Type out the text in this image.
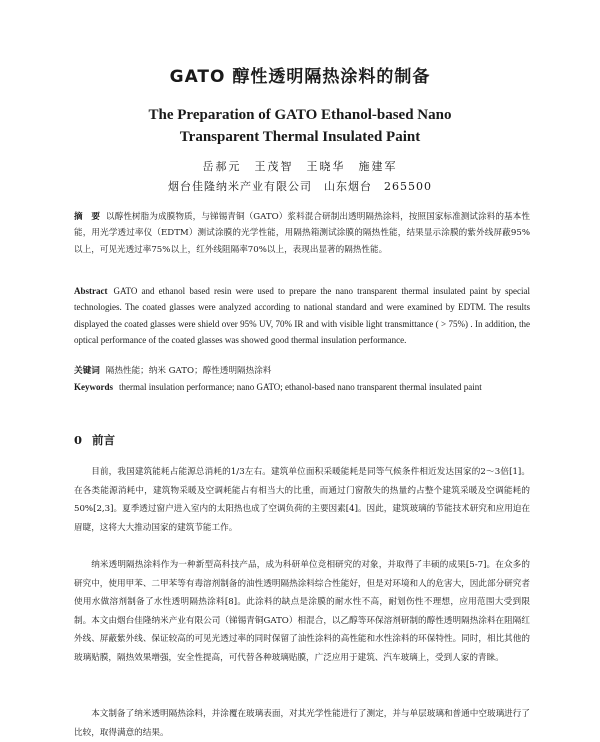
GATO 醇性透明隔热涂料的制备
The Preparation of GATO Ethanol-based Nano
Transparent Thermal Insulated Paint
岳郝元　王茂智　王晓华　施建军
烟台佳隆纳米产业有限公司　山东烟台　265500
摘　要 以醇性树脂为成膜物质，与锑锡青铜（GATO）浆料混合研制出透明隔热涂料，按照国家标准测试涂料的基本性能，用光学透过率仪（EDTM）测试涂膜的光学性能，用隔热箱测试涂膜的隔热性能，结果显示涂膜的紫外线屏蔽95%以上，可见光透过率75%以上，红外线阻隔率70%以上，表现出显著的隔热性能。
Abstract GATO and ethanol based resin were used to prepare the nano transparent thermal insulated paint by special technologies. The coated glasses were analyzed according to national standard and were examined by EDTM. The results displayed the coated glasses were shield over 95% UV, 70% IR and with visible light transmittance ( > 75%) . In addition, the optical performance of the coated glasses was showed good thermal insulation performance.
关键词 隔热性能；纳米 GATO；醇性透明隔热涂料
Keywords thermal insulation performance; nano GATO; ethanol-based nano transparent thermal insulated paint
0 前言

目前，我国建筑能耗占能源总消耗的1/3左右。建筑单位面积采暖能耗是同等气候条件相近发达国家的2～3倍[1]。在各类能源消耗中，建筑物采暖及空调耗能占有相当大的比重，而通过门窗散失的热量约占整个建筑采暖及空调能耗的50%[2,3]。夏季透过窗户进入室内的太阳热也成了空调负荷的主要因素[4]。因此，建筑玻璃的节能技术研究和应用迫在眉睫，这将大大推动国家的建筑节能工作。

纳米透明隔热涂料作为一种新型高科技产品，成为科研单位竞相研究的对象，并取得了丰硕的成果[5-7]。在众多的研究中，使用甲苯、二甲苯等有毒溶剂制备的油性透明隔热涂料综合性能好，但是对环境和人的危害大，因此部分研究者使用水做溶剂制备了水性透明隔热涂料[8]。此涂料的缺点是涂膜的耐水性不高，耐划伤性不理想，应用范围大受到限制。本文由烟台佳隆纳米产业有限公司（锑锡青铜GATO）相混合，以乙醇等环保溶剂研制的醇性透明隔热涂料在阻隔红外线、屏蔽紫外线、保证较高的可见光透过率的同时保留了油性涂料的高性能和水性涂料的环保特性。同时，相比其他的玻璃贴膜，隔热效果增强，安全性提高，可代替各种玻璃贴膜，广泛应用于建筑、汽车玻璃上，受到人家的青睐。

本文制备了纳米透明隔热涂料，并涂覆在玻璃表面，对其光学性能进行了测定，并与单层玻璃和普通中空玻璃进行了比较，取得满意的结果。
